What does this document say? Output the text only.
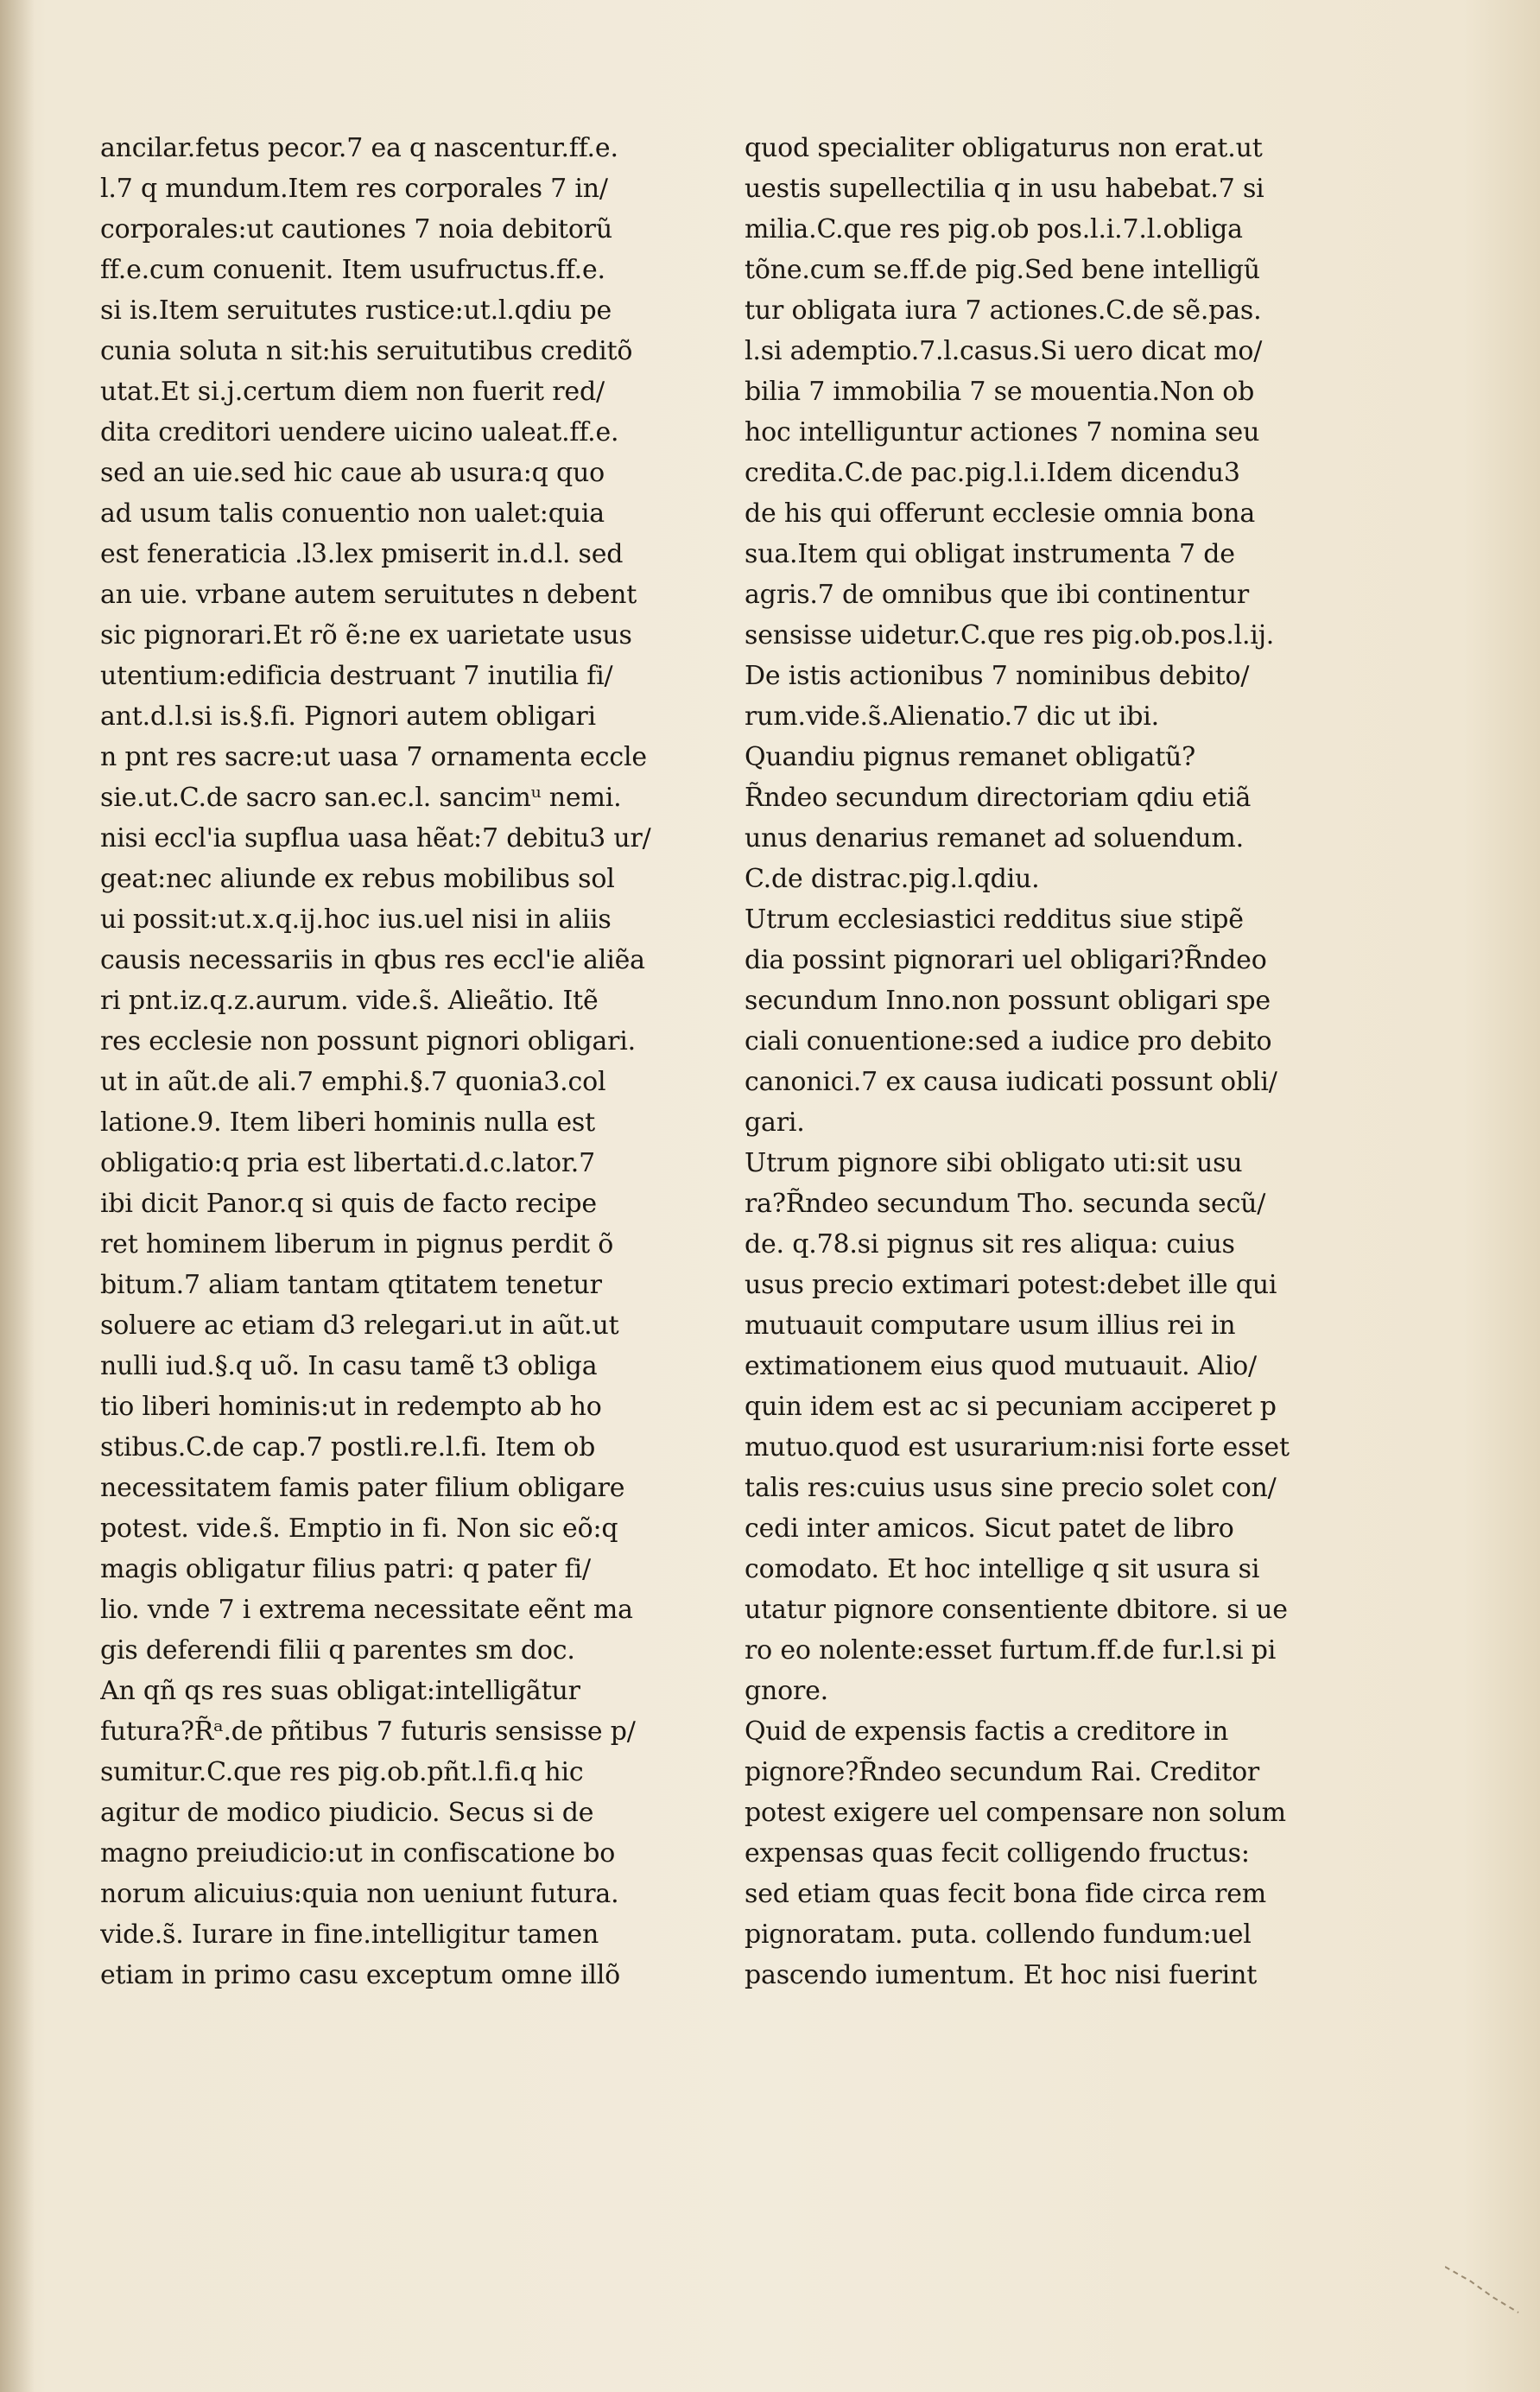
ancilar.fetus pecor.7 ea q nascentur.ff.e.
l.7 q mundum.Item res corporales 7 in/
corporales:ut cautiones 7 noia debitorũ
ff.e.cum conuenit. Item usufructus.ff.e.
si is.Item seruitutes rustice:ut.l.qdiu pe
cunia soluta n sit:his seruitutibus creditõ
utat.Et si.j.certum diem non fuerit red/
dita creditori uendere uicino ualeat.ff.e.
sed an uie.sed hic caue ab usura:q quo
ad usum talis conuentio non ualet:quia
est feneraticia .l3.lex pmiserit in.d.l. sed
an uie. vrbane autem seruitutes n debent
sic pignorari.Et rõ ẽ:ne ex uarietate usus
utentium:edificia destruant 7 inutilia fi/
ant.d.l.si is.§.fi. Pignori autem obligari
n pnt res sacre:ut uasa 7 ornamenta eccle
sie.ut.C.de sacro san.ec.l. sancimᵘ nemi.
nisi eccl'ia supflua uasa hẽat:7 debitu3 ur/
geat:nec aliunde ex rebus mobilibus sol
ui possit:ut.x.q.ij.hoc ius.uel nisi in aliis
causis necessariis in qbus res eccl'ie aliẽa
ri pnt.iz.q.z.aurum. vide.s̃. Alieãtio. Itẽ
res ecclesie non possunt pignori obligari.
ut in aũt.de ali.7 emphi.§.7 quonia3.col
latione.9. Item liberi hominis nulla est
obligatio:q pria est libertati.d.c.lator.7
ibi dicit Panor.q si quis de facto recipe
ret hominem liberum in pignus perdit õ
bitum.7 aliam tantam qtitatem tenetur
soluere ac etiam d3 relegari.ut in aũt.ut
nulli iud.§.q uõ. In casu tamẽ t3 obliga
tio liberi hominis:ut in redempto ab ho
stibus.C.de cap.7 postli.re.l.fi. Item ob
necessitatem famis pater filium obligare
potest. vide.s̃. Emptio in fi. Non sic eõ:q
magis obligatur filius patri: q pater fi/
lio. vnde 7 i extrema necessitate eẽnt ma
gis deferendi filii q parentes sm doc.
An qñ qs res suas obligat:intelligãtur
futura?R̃ᵃ.de pñtibus 7 futuris sensisse p/
sumitur.C.que res pig.ob.pñt.l.fi.q hic
agitur de modico piudicio. Secus si de
magno preiudicio:ut in confiscatione bo
norum alicuius:quia non ueniunt futura.
vide.s̃. Iurare in fine.intelligitur tamen
etiam in primo casu exceptum omne illõ
quod specialiter obligaturus non erat.ut
uestis supellectilia q in usu habebat.7 si
milia.C.que res pig.ob pos.l.i.7.l.obliga
tõne.cum se.ff.de pig.Sed bene intelligũ
tur obligata iura 7 actiones.C.de sẽ.pas.
l.si ademptio.7.l.casus.Si uero dicat mo/
bilia 7 immobilia 7 se mouentia.Non ob
hoc intelliguntur actiones 7 nomina seu
credita.C.de pac.pig.l.i.Idem dicendu3
de his qui offerunt ecclesie omnia bona
sua.Item qui obligat instrumenta 7 de
agris.7 de omnibus que ibi continentur
sensisse uidetur.C.que res pig.ob.pos.l.ij.
De istis actionibus 7 nominibus debito/
rum.vide.s̃.Alienatio.7 dic ut ibi.
Quandiu pignus remanet obligatũ?
R̃ndeo secundum directoriam qdiu etiã
unus denarius remanet ad soluendum.
C.de distrac.pig.l.qdiu.
Utrum ecclesiastici redditus siue stipẽ
dia possint pignorari uel obligari?R̃ndeo
secundum Inno.non possunt obligari spe
ciali conuentione:sed a iudice pro debito
canonici.7 ex causa iudicati possunt obli/
gari.
Utrum pignore sibi obligato uti:sit usu
ra?R̃ndeo secundum Tho. secunda secũ/
de. q.78.si pignus sit res aliqua: cuius
usus precio extimari potest:debet ille qui
mutuauit computare usum illius rei in
extimationem eius quod mutuauit. Alio/
quin idem est ac si pecuniam acciperet p
mutuo.quod est usurarium:nisi forte esset
talis res:cuius usus sine precio solet con/
cedi inter amicos. Sicut patet de libro
comodato. Et hoc intellige q sit usura si
utatur pignore consentiente dbitore. si ue
ro eo nolente:esset furtum.ff.de fur.l.si pi
gnore.
Quid de expensis factis a creditore in
pignore?R̃ndeo secundum Rai. Creditor
potest exigere uel compensare non solum
expensas quas fecit colligendo fructus:
sed etiam quas fecit bona fide circa rem
pignoratam. puta. collendo fundum:uel
pascendo iumentum. Et hoc nisi fuerint
